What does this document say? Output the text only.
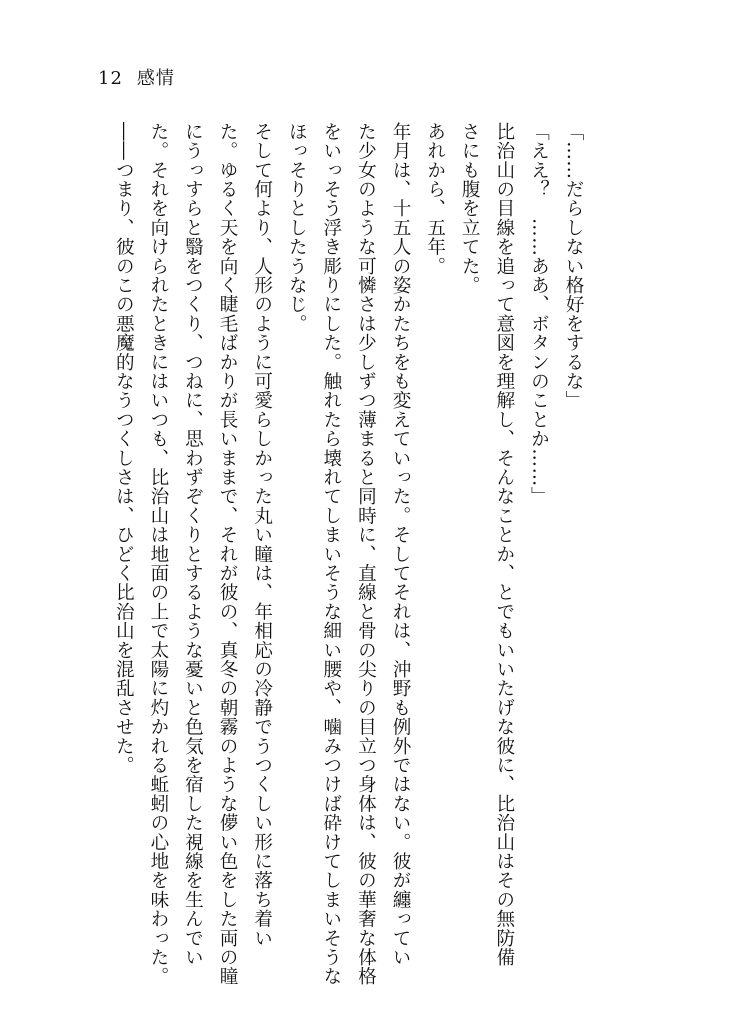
12 感情
「……だらしない格好をするな」
「ええ？　……ああ、ボタンのことか……」
比治山の目線を追って意図を理解し、そんなことか、とでもいいたげな彼に、比治山はその無防備
さにも腹を立てた。
あれから、五年。
年月は、十五人の姿かたちをも変えていった。そしてそれは、沖野も例外ではない。彼が纏ってい
た少女のような可憐さは少しずつ薄まると同時に、直線と骨の尖りの目立つ身体は、彼の華奢な体格
をいっそう浮き彫りにした。触れたら壊れてしまいそうな細い腰や、噛みつけば砕けてしまいそうな
ほっそりとしたうなじ。
そして何より、人形のように可愛らしかった丸い瞳は、年相応の冷静でうつくしい形に落ち着い
た。ゆるく天を向く睫毛ばかりが長いままで、それが彼の、真冬の朝霧のような儚い色をした両の瞳
にうっすらと翳をつくり、つねに、思わずぞくりとするような憂いと色気を宿した視線を生んでい
た。それを向けられたときにはいつも、比治山は地面の上で太陽に灼かれる蚯蚓の心地を味わった。
――つまり、彼のこの悪魔的なうつくしさは、ひどく比治山を混乱させた。
